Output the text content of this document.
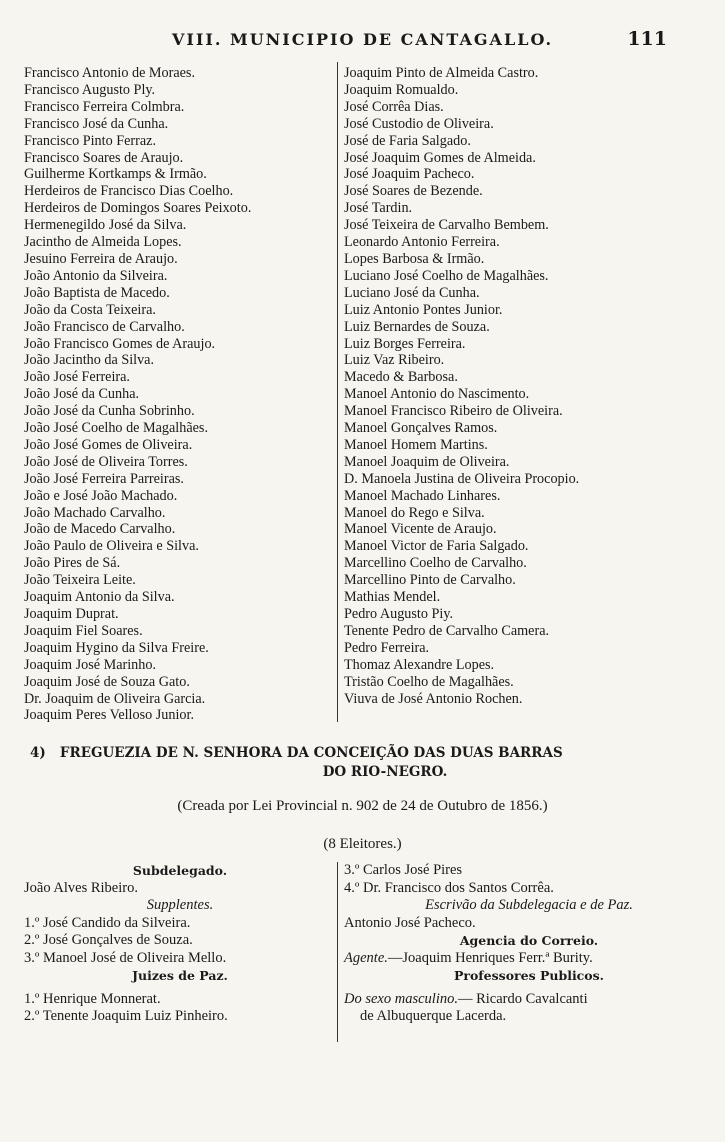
VIII. MUNICIPIO DE CANTAGALLO.	111
Francisco Antonio de Moraes.
Francisco Augusto Ply.
Francisco Ferreira Colmbra.
Francisco José da Cunha.
Francisco Pinto Ferraz.
Francisco Soares de Araujo.
Guilherme Kortkamps & Irmão.
Herdeiros de Francisco Dias Coelho.
Herdeiros de Domingos Soares Peixoto.
Hermenegildo José da Silva.
Jacintho de Almeida Lopes.
Jesuino Ferreira de Araujo.
João Antonio da Silveira.
João Baptista de Macedo.
João da Costa Teixeira.
João Francisco de Carvalho.
João Francisco Gomes de Araujo.
João Jacintho da Silva.
João José Ferreira.
João José da Cunha.
João José da Cunha Sobrinho.
João José Coelho de Magalhães.
João José Gomes de Oliveira.
João José de Oliveira Torres.
João José Ferreira Parreiras.
João e José João Machado.
João Machado Carvalho.
João de Macedo Carvalho.
João Paulo de Oliveira e Silva.
João Pires de Sá.
João Teixeira Leite.
Joaquim Antonio da Silva.
Joaquim Duprat.
Joaquim Fiel Soares.
Joaquim Hygino da Silva Freire.
Joaquim José Marinho.
Joaquim José de Souza Gato.
Dr. Joaquim de Oliveira Garcia.
Joaquim Peres Velloso Junior.
Joaquim Pinto de Almeida Castro.
Joaquim Romualdo.
José Corrêa Dias.
José Custodio de Oliveira.
José de Faria Salgado.
José Joaquim Gomes de Almeida.
José Joaquim Pacheco.
José Soares de Bezende.
José Tardin.
José Teixeira de Carvalho Bembem.
Leonardo Antonio Ferreira.
Lopes Barbosa & Irmão.
Luciano José Coelho de Magalhães.
Luciano José da Cunha.
Luiz Antonio Pontes Junior.
Luiz Bernardes de Souza.
Luiz Borges Ferreira.
Luiz Vaz Ribeiro.
Macedo & Barbosa.
Manoel Antonio do Nascimento.
Manoel Francisco Ribeiro de Oliveira.
Manoel Gonçalves Ramos.
Manoel Homem Martins.
Manoel Joaquim de Oliveira.
D. Manoela Justina de Oliveira Procopio.
Manoel Machado Linhares.
Manoel do Rego e Silva.
Manoel Vicente de Araujo.
Manoel Victor de Faria Salgado.
Marcellino Coelho de Carvalho.
Marcellino Pinto de Carvalho.
Mathias Mendel.
Pedro Augusto Piy.
Tenente Pedro de Carvalho Camera.
Pedro Ferreira.
Thomaz Alexandre Lopes.
Tristão Coelho de Magalhães.
Viuva de José Antonio Rochen.
4) FREGUEZIA DE N. SENHORA DA CONCEIÇÃO DAS DUAS BARRAS
DO RIO-NEGRO.
(Creada por Lei Provincial n. 902 de 24 de Outubro de 1856.)
(8 Eleitores.)
Subdelegado.
João Alves Ribeiro.
Supplentes.
1.º José Candido da Silveira.
2.º José Gonçalves de Souza.
3.º Manoel José de Oliveira Mello.
Juizes de Paz.
1.º Henrique Monnerat.
2.º Tenente Joaquim Luiz Pinheiro.
3.º Carlos José Pires
4.º Dr. Francisco dos Santos Corrêa.
Escrivão da Subdelegacia e de Paz.
Antonio José Pacheco.
Agencia do Correio.
Agente.—Joaquim Henriques Ferr.ª Burity.
Professores Publicos.
Do sexo masculino.— Ricardo Cavalcanti
de Albuquerque Lacerda.
